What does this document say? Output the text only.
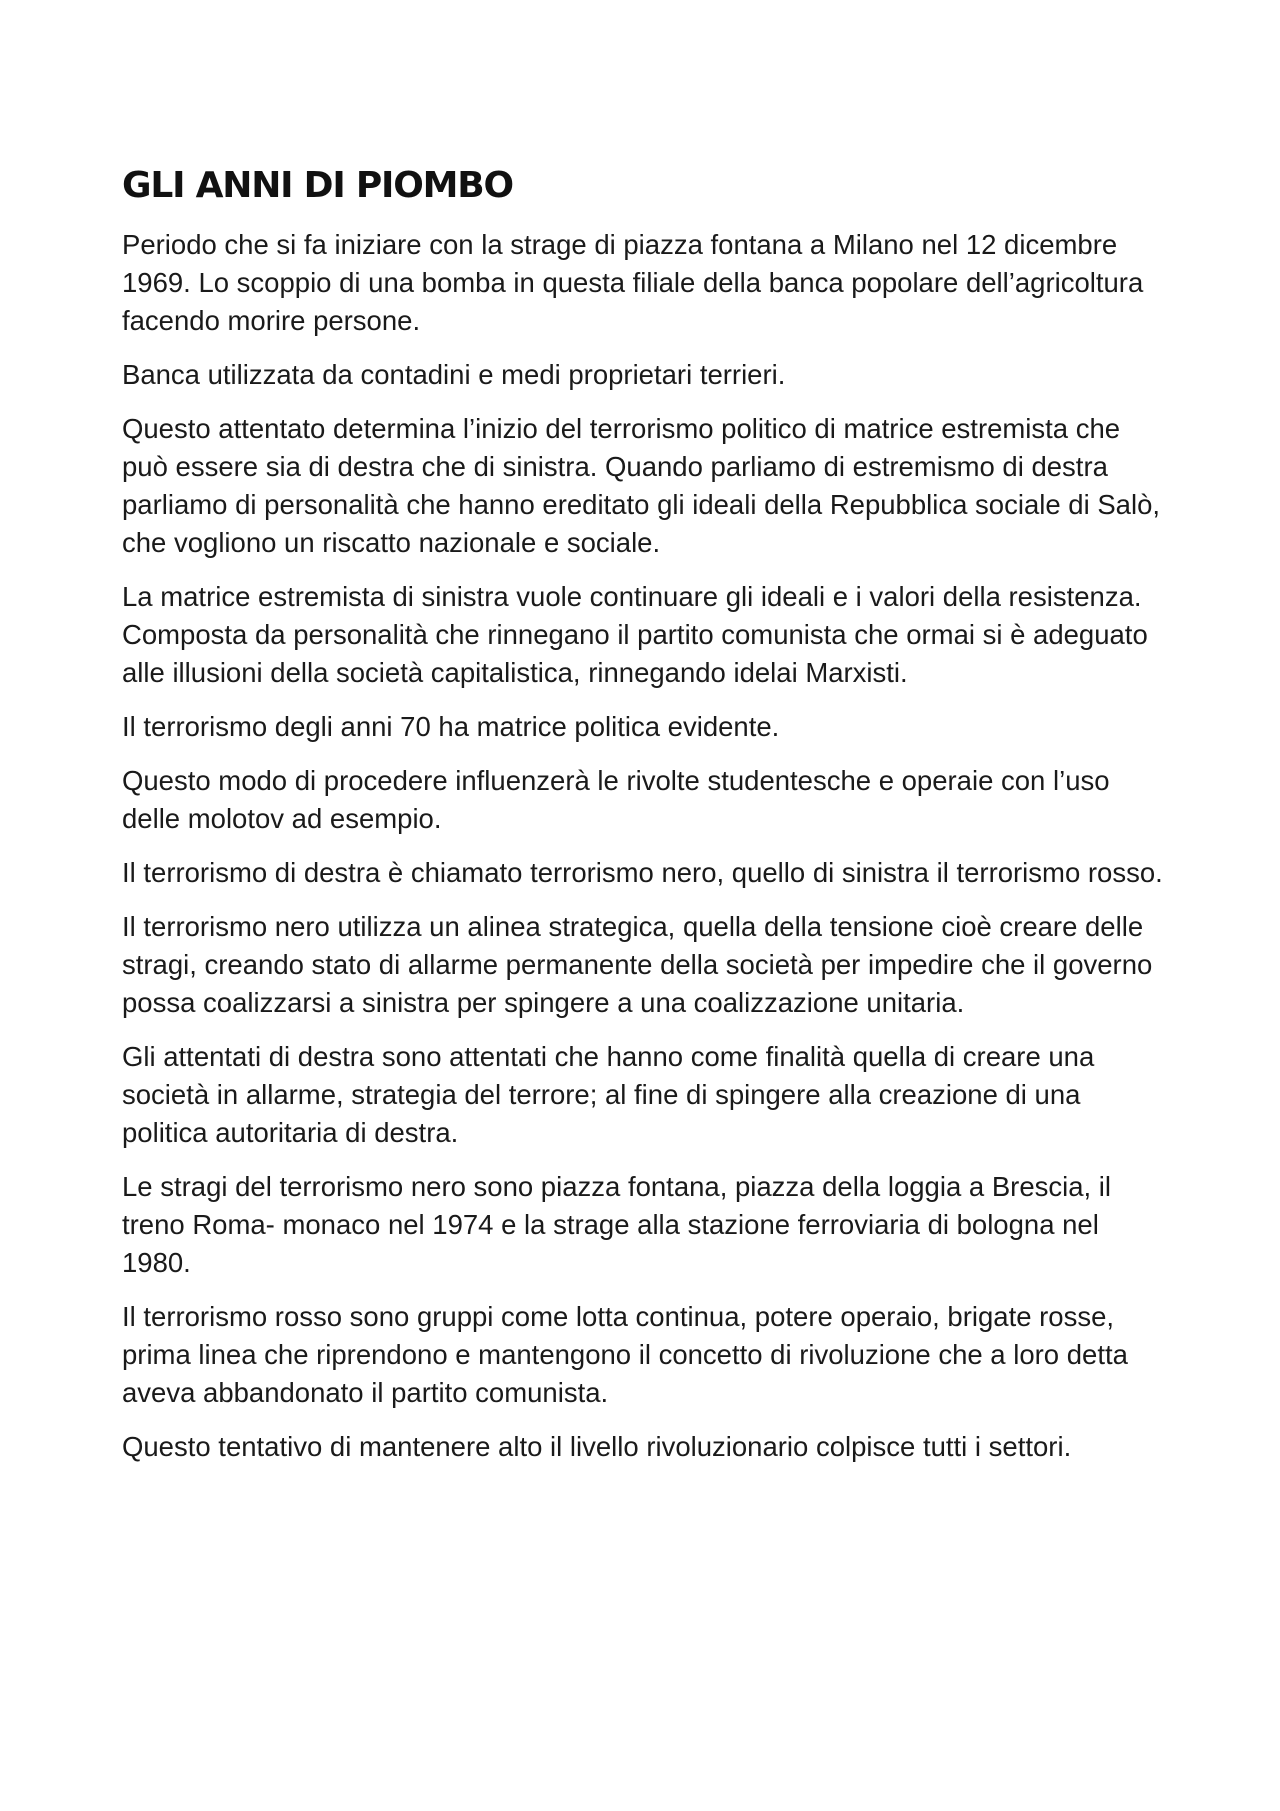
GLI ANNI DI PIOMBO

Periodo che si fa iniziare con la strage di piazza fontana a Milano nel 12 dicembre 1969. Lo scoppio di una bomba in questa filiale della banca popolare dell’agricoltura facendo morire persone.

Banca utilizzata da contadini e medi proprietari terrieri.

Questo attentato determina l’inizio del terrorismo politico di matrice estremista che può essere sia di destra che di sinistra. Quando parliamo di estremismo di destra parliamo di personalità che hanno ereditato gli ideali della Repubblica sociale di Salò, che vogliono un riscatto nazionale e sociale.

La matrice estremista di sinistra vuole continuare gli ideali e i valori della resistenza. Composta da personalità che rinnegano il partito comunista che ormai si è adeguato alle illusioni della società capitalistica, rinnegando idelai Marxisti.

Il terrorismo degli anni 70 ha matrice politica evidente.

Questo modo di procedere influenzerà le rivolte studentesche e operaie con l’uso delle molotov ad esempio.

Il terrorismo di destra è chiamato terrorismo nero, quello di sinistra il terrorismo rosso.

Il terrorismo nero utilizza un alinea strategica, quella della tensione cioè creare delle stragi, creando stato di allarme permanente della società per impedire che il governo possa coalizzarsi a sinistra per spingere a una coalizzazione unitaria.

Gli attentati di destra sono attentati che hanno come finalità quella di creare una società in allarme, strategia del terrore; al fine di spingere alla creazione di una politica autoritaria di destra.

Le stragi del terrorismo nero sono piazza fontana, piazza della loggia a Brescia, il treno Roma- monaco nel 1974 e la strage alla stazione ferroviaria di bologna nel 1980.

Il terrorismo rosso sono gruppi come lotta continua, potere operaio, brigate rosse, prima linea che riprendono e mantengono il concetto di rivoluzione che a loro detta aveva abbandonato il partito comunista.

Questo tentativo di mantenere alto il livello rivoluzionario colpisce tutti i settori.
